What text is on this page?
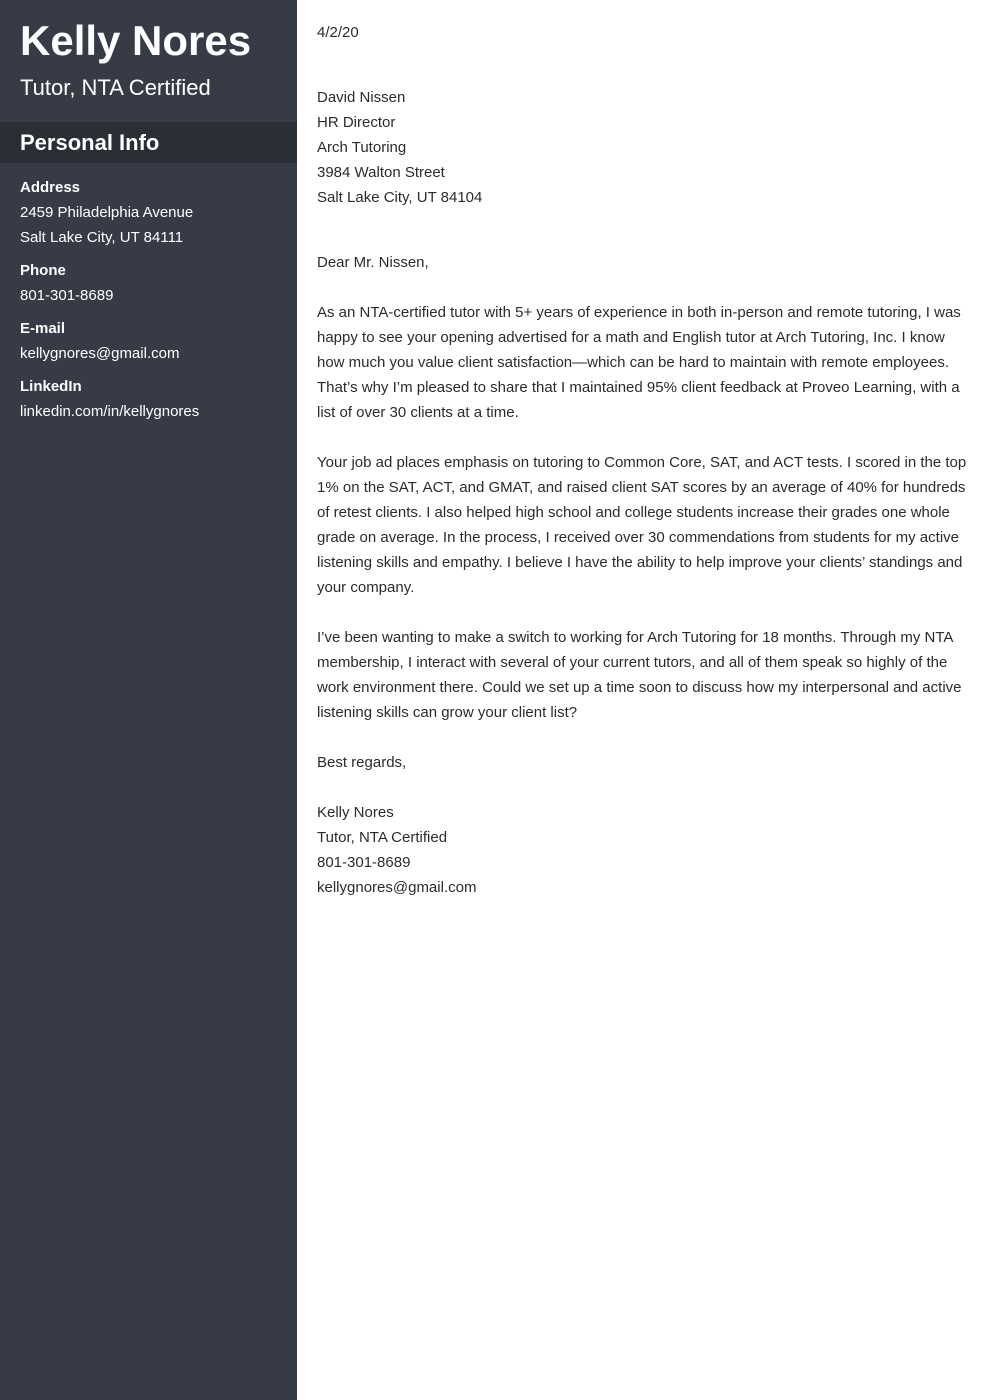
Kelly Nores
Tutor, NTA Certified
Personal Info
Address
2459 Philadelphia Avenue
Salt Lake City, UT 84111
Phone
801-301-8689
E-mail
kellygnores@gmail.com
LinkedIn
linkedin.com/in/kellygnores
4/2/20
David Nissen
HR Director
Arch Tutoring
3984 Walton Street
Salt Lake City, UT 84104

Dear Mr. Nissen,

As an NTA-certified tutor with 5+ years of experience in both in-person and remote tutoring, I was happy to see your opening advertised for a math and English tutor at Arch Tutoring, Inc. I know how much you value client satisfaction—which can be hard to maintain with remote employees. That’s why I’m pleased to share that I maintained 95% client feedback at Proveo Learning, with a list of over 30 clients at a time.

Your job ad places emphasis on tutoring to Common Core, SAT, and ACT tests. I scored in the top 1% on the SAT, ACT, and GMAT, and raised client SAT scores by an average of 40% for hundreds of retest clients. I also helped high school and college students increase their grades one whole grade on average. In the process, I received over 30 commendations from students for my active listening skills and empathy. I believe I have the ability to help improve your clients’ standings and your company.

I’ve been wanting to make a switch to working for Arch Tutoring for 18 months. Through my NTA membership, I interact with several of your current tutors, and all of them speak so highly of the work environment there. Could we set up a time soon to discuss how my interpersonal and active listening skills can grow your client list?

Best regards,

Kelly Nores
Tutor, NTA Certified
801-301-8689
kellygnores@gmail.com
